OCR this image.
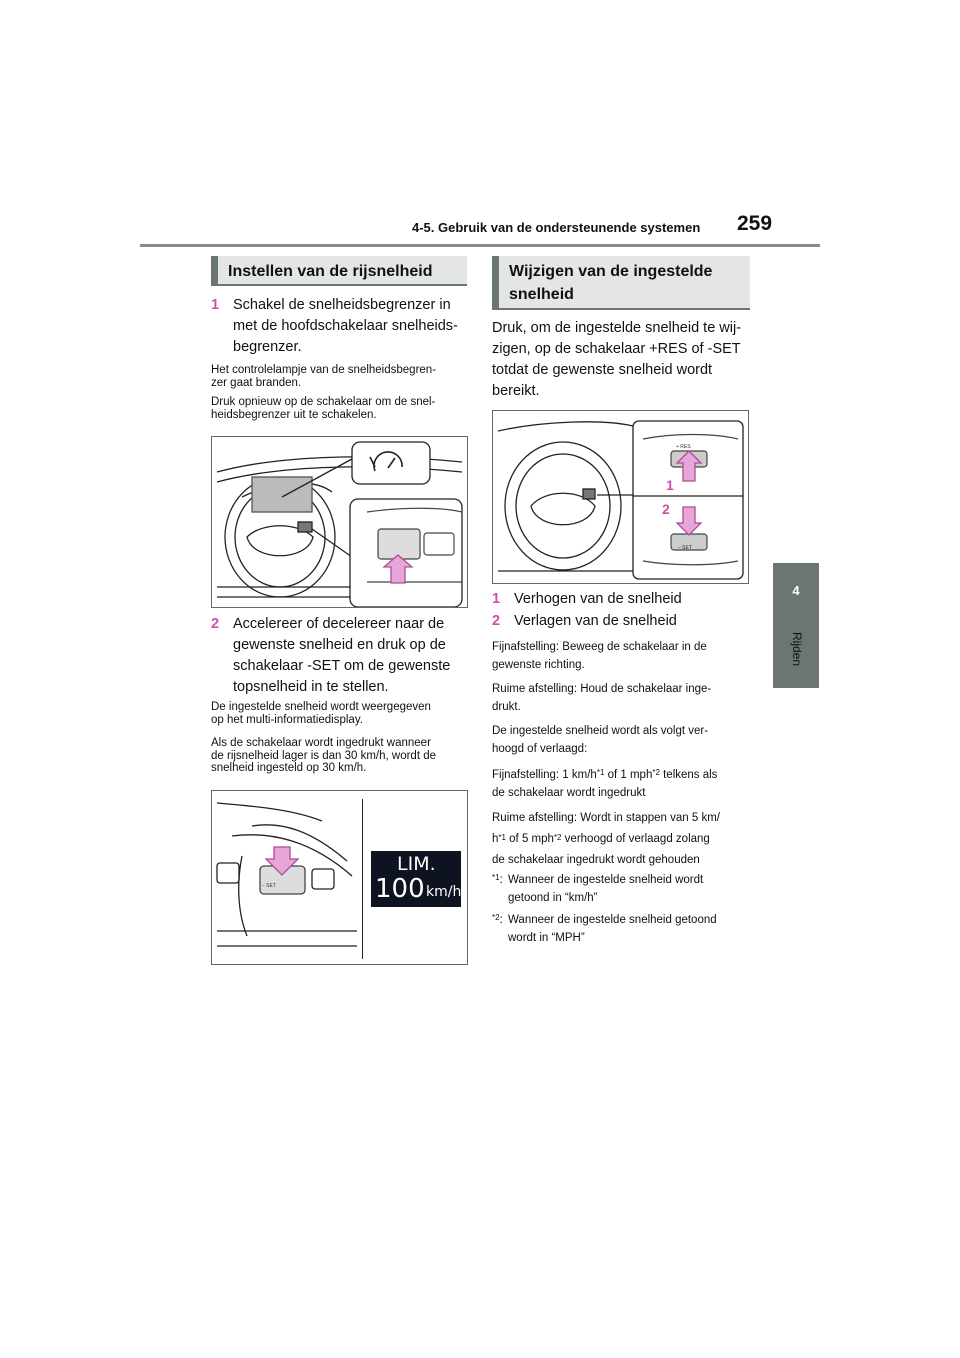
4-5. Gebruik van de ondersteunende systemen 259
4
Rijden
Instellen van de rijsnelheid
1 Schakel de snelheidsbegrenzer in
met de hoofdschakelaar snelheids-
begrenzer.
Het controlelampje van de snelheidsbegren-
zer gaat branden.
Druk opnieuw op de schakelaar om de snel-
heidsbegrenzer uit te schakelen.
2 Accelereer of decelereer naar de
gewenste snelheid en druk op de
schakelaar -SET om de gewenste
topsnelheid in te stellen.
De ingestelde snelheid wordt weergegeven
op het multi-informatiedisplay.
Als de schakelaar wordt ingedrukt wanneer
de rijsnelheid lager is dan 30 km/h, wordt de
snelheid ingesteld op 30 km/h.
– SET
LIM.
100 km/h
Wijzigen van de ingestelde
snelheid
Druk, om de ingestelde snelheid te wij-
zigen, op de schakelaar +RES of -SET
totdat de gewenste snelheid wordt
bereikt.
+ RES
– SET
1
2
1 Verhogen van de snelheid
2 Verlagen van de snelheid
Fijnafstelling: Beweeg de schakelaar in de
gewenste richting.
Ruime afstelling: Houd de schakelaar inge-
drukt.
De ingestelde snelheid wordt als volgt ver-
hoogd of verlaagd:
Fijnafstelling: 1 $km/h^{*1}$ of 1 mph$^{*2}$ telkens als
de schakelaar wordt ingedrukt
Ruime afstelling: Wordt in stappen van 5 km/
$h^{*1}$ of 5 mph$^{*2}$ verhoogd of verlaagd zolang
de schakelaar ingedrukt wordt gehouden
$^{*1}$: Wanneer de ingestelde snelheid wordt
getoond in “km/h”
$^{*2}$: Wanneer de ingestelde snelheid getoond
wordt in “MPH”
